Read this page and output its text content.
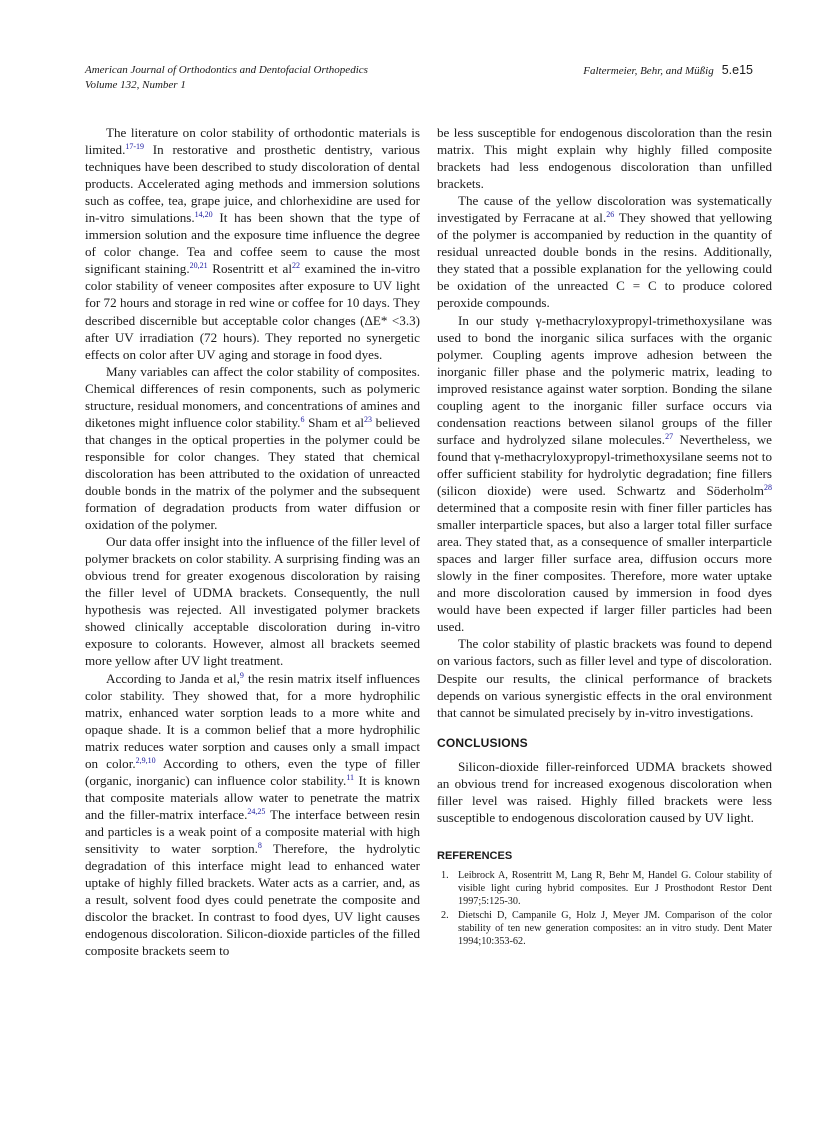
American Journal of Orthodontics and Dentofacial Orthopedics
Volume 132, Number 1
Faltermeier, Behr, and Müßig 5.e15

The literature on color stability of orthodontic materials is limited.$^{17-19}$ In restorative and prosthetic dentistry, various techniques have been described to study discoloration of dental products. Accelerated aging methods and immersion solutions such as coffee, tea, grape juice, and chlorhexidine are used for in-vitro simulations.$^{14,20}$ It has been shown that the type of immersion solution and the exposure time influence the degree of color change. Tea and coffee seem to cause the most significant staining.$^{20,21}$ Rosentritt et $al^{22}$ examined the in-vitro color stability of veneer composites after exposure to UV light for 72 hours and storage in red wine or coffee for 10 days. They described discernible but acceptable color changes (ΔE* <3.3) after UV irradiation (72 hours). They reported no synergetic effects on color after UV aging and storage in food dyes.

Many variables can affect the color stability of composites. Chemical differences of resin components, such as polymeric structure, residual monomers, and concentrations of amines and diketones might influence color stability.$^6$ Sham et $al^{23}$ believed that changes in the optical properties in the polymer could be responsible for color changes. They stated that chemical discoloration has been attributed to the oxidation of unreacted double bonds in the matrix of the polymer and the subsequent formation of degradation products from water diffusion or oxidation of the polymer.

Our data offer insight into the influence of the filler level of polymer brackets on color stability. A surprising finding was an obvious trend for greater exogenous discoloration by raising the filler level of UDMA brackets. Consequently, the null hypothesis was rejected. All investigated polymer brackets showed clinically acceptable discoloration during in-vitro exposure to colorants. However, almost all brackets seemed more yellow after UV light treatment.

According to Janda et al,$^9$ the resin matrix itself influences color stability. They showed that, for a more hydrophilic matrix, enhanced water sorption leads to a more white and opaque shade. It is a common belief that a more hydrophilic matrix reduces water sorption and causes only a small impact on color.$^{2,9,10}$ According to others, even the type of filler (organic, inorganic) can influence color stability.$^{11}$ It is known that composite materials allow water to penetrate the matrix and the filler-matrix interface.$^{24,25}$ The interface between resin and particles is a weak point of a composite material with high sensitivity to water sorption.$^8$ Therefore, the hydrolytic degradation of this interface might lead to enhanced water uptake of highly filled brackets. Water acts as a carrier, and, as a result, solvent food dyes could penetrate the composite and discolor the bracket. In contrast to food dyes, UV light causes endogenous discoloration. Silicon-dioxide particles of the filled composite brackets seem to

be less susceptible for endogenous discoloration than the resin matrix. This might explain why highly filled composite brackets had less endogenous discoloration than unfilled brackets.

The cause of the yellow discoloration was systematically investigated by Ferracane at al.$^{26}$ They showed that yellowing of the polymer is accompanied by reduction in the quantity of residual unreacted double bonds in the resins. Additionally, they stated that a possible explanation for the yellowing could be oxidation of the unreacted C = C to produce colored peroxide compounds.

In our study γ-methacryloxypropyl-trimethoxysilane was used to bond the inorganic silica surfaces with the organic polymer. Coupling agents improve adhesion between the inorganic filler phase and the polymeric matrix, leading to improved resistance against water sorption. Bonding the silane coupling agent to the inorganic filler surface occurs via condensation reactions between silanol groups of the filler surface and hydrolyzed silane molecules.$^{27}$ Nevertheless, we found that γ-methacryloxypropyl-trimethoxysilane seems not to offer sufficient stability for hydrolytic degradation; fine fillers (silicon dioxide) were used. Schwartz and Söderholm$^{28}$ determined that a composite resin with finer filler particles has smaller interparticle spaces, but also a larger total filler surface area. They stated that, as a consequence of smaller interparticle spaces and larger filler surface area, diffusion occurs more slowly in the finer composites. Therefore, more water uptake and more discoloration caused by immersion in food dyes would have been expected if larger filler particles had been used.

The color stability of plastic brackets was found to depend on various factors, such as filler level and type of discoloration. Despite our results, the clinical performance of brackets depends on various synergistic effects in the oral environment that cannot be simulated precisely by in-vitro investigations.

CONCLUSIONS

Silicon-dioxide filler-reinforced UDMA brackets showed an obvious trend for increased exogenous discoloration when filler level was raised. Highly filled brackets were less susceptible to endogenous discoloration caused by UV light.

REFERENCES
1. Leibrock A, Rosentritt M, Lang R, Behr M, Handel G. Colour stability of visible light curing hybrid composites. Eur J Prosthodont Restor Dent 1997;5:125-30.
2. Dietschi D, Campanile G, Holz J, Meyer JM. Comparison of the color stability of ten new generation composites: an in vitro study. Dent Mater 1994;10:353-62.
